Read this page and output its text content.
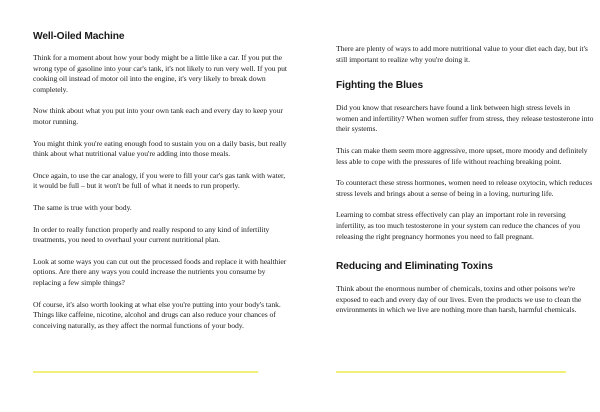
Well-Oiled Machine

Think for a moment about how your body might be a little like a car. If you put the wrong type of gasoline into your car's tank, it's not likely to run very well. If you put cooking oil instead of motor oil into the engine, it's very likely to break down completely.

Now think about what you put into your own tank each and every day to keep your motor running.

You might think you're eating enough food to sustain you on a daily basis, but really think about what nutritional value you're adding into those meals.

Once again, to use the car analogy, if you were to fill your car's gas tank with water, it would be full – but it won't be full of what it needs to run properly.

The same is true with your body.

In order to really function properly and really respond to any kind of infertility treatments, you need to overhaul your current nutritional plan.

Look at some ways you can cut out the processed foods and replace it with healthier options. Are there any ways you could increase the nutrients you consume by replacing a few simple things?

Of course, it's also worth looking at what else you're putting into your body's tank. Things like caffeine, nicotine, alcohol and drugs can also reduce your chances of conceiving naturally, as they affect the normal functions of your body.

There are plenty of ways to add more nutritional value to your diet each day, but it's still important to realize why you're doing it.

Fighting the Blues

Did you know that researchers have found a link between high stress levels in women and infertility? When women suffer from stress, they release testosterone into their systems.

This can make them seem more aggressive, more upset, more moody and definitely less able to cope with the pressures of life without reaching breaking point.

To counteract these stress hormones, women need to release oxytocin, which reduces stress levels and brings about a sense of being in a loving, nurturing life.

Learning to combat stress effectively can play an important role in reversing infertility, as too much testosterone in your system can reduce the chances of you releasing the right pregnancy hormones you need to fall pregnant.

Reducing and Eliminating Toxins

Think about the enormous number of chemicals, toxins and other poisons we're exposed to each and every day of our lives. Even the products we use to clean the environments in which we live are nothing more than harsh, harmful chemicals.
